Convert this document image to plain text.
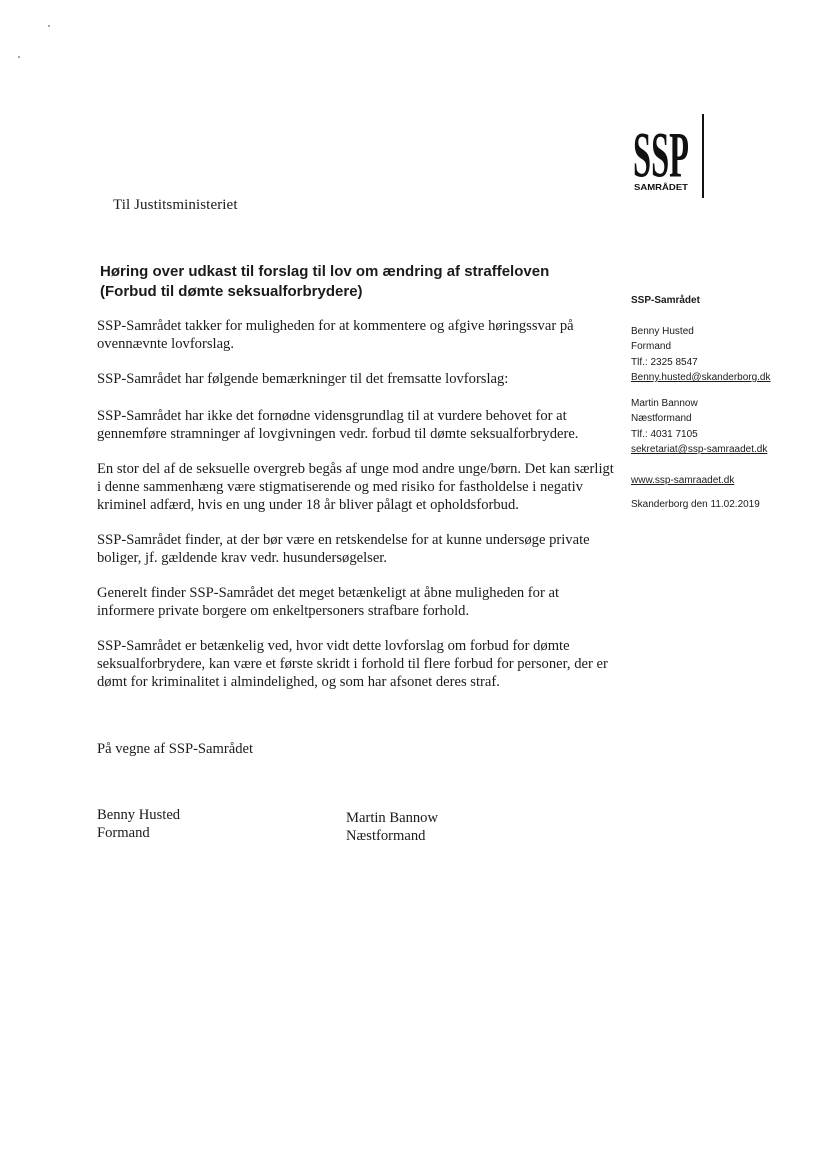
SSP
SAMRÅDET
Til Justitsministeriet
Høring over udkast til forslag til lov om ændring af straffeloven (Forbud til dømte seksualforbrydere)

SSP-Samrådet takker for muligheden for at kommentere og afgive høringssvar på ovennævnte lovforslag.

SSP-Samrådet har følgende bemærkninger til det fremsatte lovforslag:

SSP-Samrådet har ikke det fornødne vidensgrundlag til at vurdere behovet for at gennemføre stramninger af lovgivningen vedr. forbud til dømte seksualforbrydere.

En stor del af de seksuelle overgreb begås af unge mod andre unge/børn. Det kan særligt i denne sammenhæng være stigmatiserende og med risiko for fastholdelse i negativ kriminel adfærd, hvis en ung under 18 år bliver pålagt et opholdsforbud.

SSP-Samrådet finder, at der bør være en retskendelse for at kunne undersøge private boliger, jf. gældende krav vedr. husundersøgelser.

Generelt finder SSP-Samrådet det meget betænkeligt at åbne muligheden for at informere private borgere om enkeltpersoners strafbare forhold.

SSP-Samrådet er betænkelig ved, hvor vidt dette lovforslag om forbud for dømte seksualforbrydere, kan være et første skridt i forhold til flere forbud for personer, der er dømt for kriminalitet i almindelighed, og som har afsonet deres straf.

SSP-Samrådet
Benny Husted
Formand
Tlf.: 2325 8547
Benny.husted@skanderborg.dk
Martin Bannow
Næstformand
Tlf.: 4031 7105
sekretariat@ssp-samraadet.dk
www.ssp-samraadet.dk
Skanderborg den 11.02.2019
På vegne af SSP-Samrådet
Benny Husted
Formand
Martin Bannow
Næstformand
